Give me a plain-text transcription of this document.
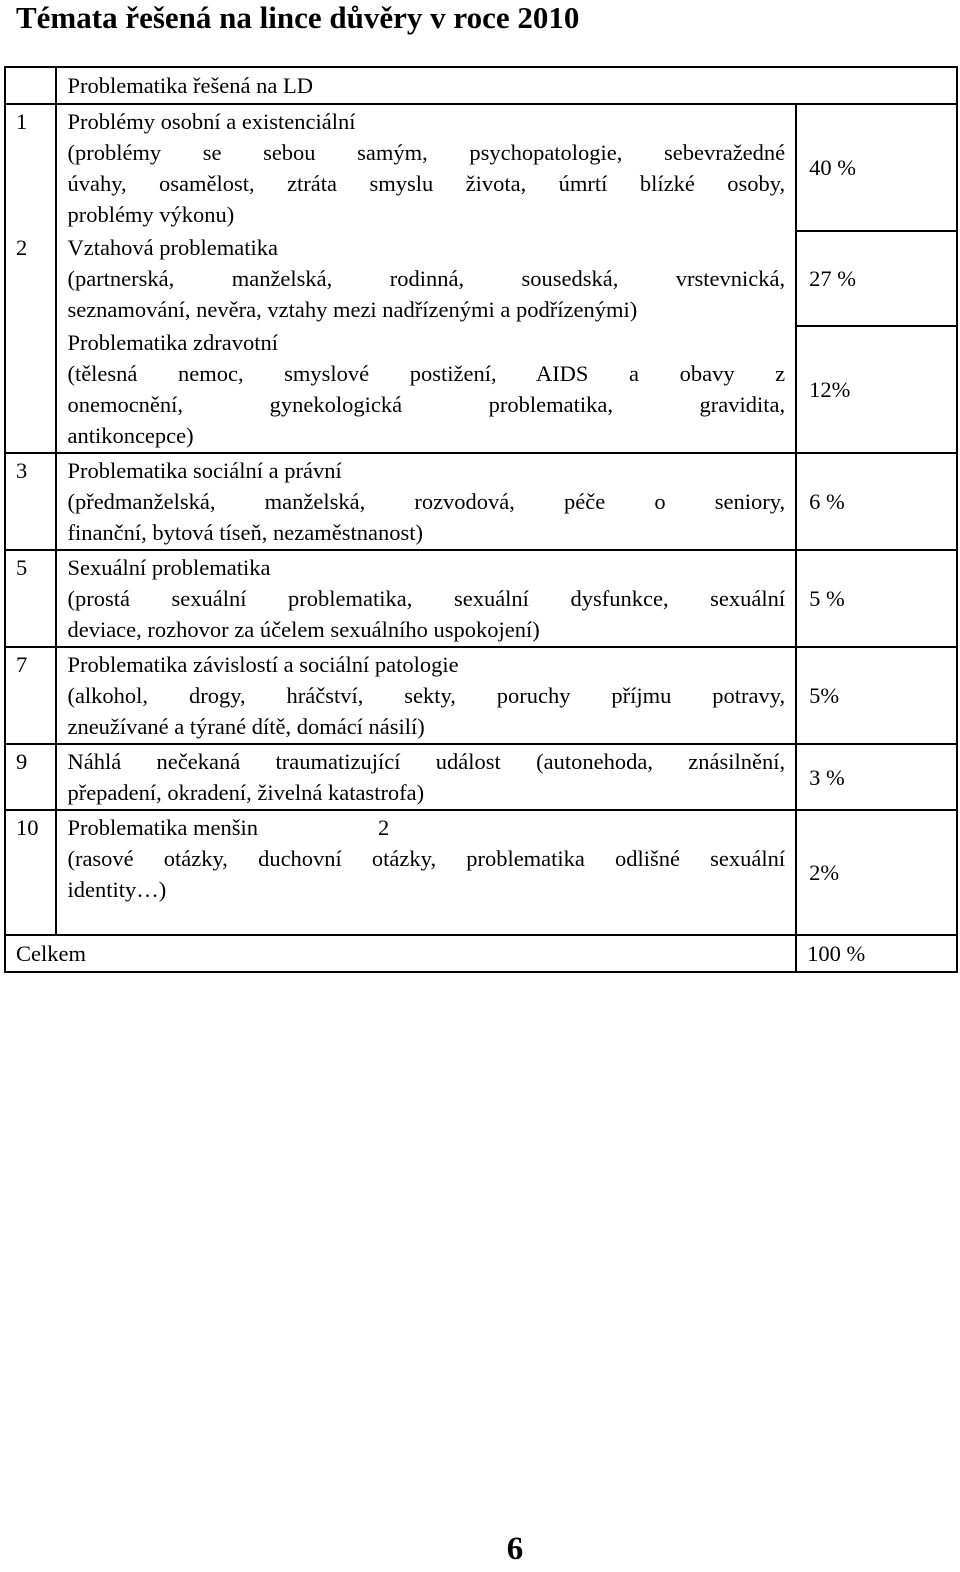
Témata řešená na lince důvěry v roce 2010
	Problematika řešená na LD	
1	Problémy osobní a existenciální
(problémy se sebou samým, psychopatologie, sebevražedné
úvahy, osamělost, ztráta smyslu života, úmrtí blízké osoby,
problémy výkonu)	40 %
2	Vztahová problematika
(partnerská, manželská, rodinná, sousedská, vrstevnická,
seznamování, nevěra, vztahy mezi nadřízenými a podřízenými)	27 %

	Problematika zdravotní
(tělesná nemoc, smyslové postižení, AIDS a obavy z
onemocnění, gynekologická problematika, gravidita,
antikoncepce)	12%
3	Problematika sociální a právní
(předmanželská, manželská, rozvodová, péče o seniory,
finanční, bytová tíseň, nezaměstnanost)	6 %
5	Sexuální problematika
(prostá sexuální problematika, sexuální dysfunkce, sexuální
deviace, rozhovor za účelem sexuálního uspokojení)	5 %
7	Problematika závislostí a sociální patologie
(alkohol, drogy, hráčství, sekty, poruchy příjmu potravy,
zneužívané a týrané dítě, domácí násilí)	5%
9	Náhlá nečekaná traumatizující událost (autonehoda, znásilnění,
přepadení, okradení, živelná katastrofa)	3 %
10	Problematika menšin 2
(rasové otázky, duchovní otázky, problematika odlišné sexuální
identity…)	2%
Celkem		100 %
6
